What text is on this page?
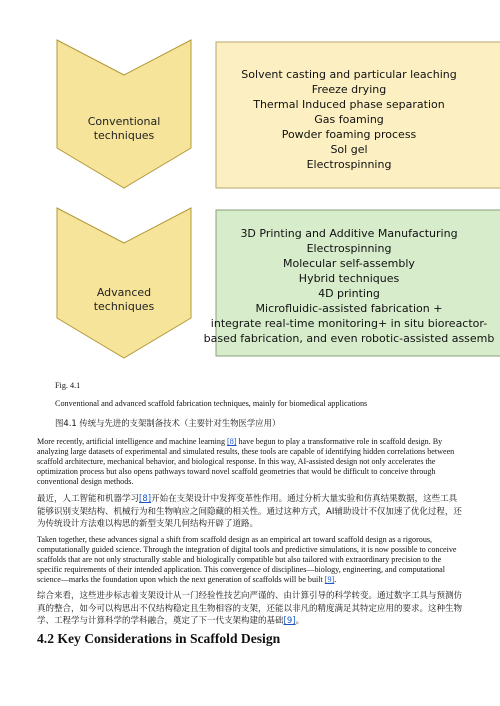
Conventional
techniques
Advanced
techniques
Solvent casting and particular leaching
Freeze drying
Thermal Induced phase separation
Gas foaming
Powder foaming process
Sol gel
Electrospinning
3D Printing and Additive Manufacturing
Electrospinning
Molecular self-assembly
Hybrid techniques
4D printing
Microfluidic-assisted fabrication +
integrate real-time monitoring+ in situ bioreactor-
based fabrication, and even robotic-assisted assemb
Fig. 4.1
Conventional and advanced scaffold fabrication techniques, mainly for biomedical applications
图4.1 传统与先进的支架制备技术（主要针对生物医学应用）

More recently, artificial intelligence and machine learning [8] have begun to play a transformative role in scaffold design. By analyzing large datasets of experimental and simulated results, these tools are capable of identifying hidden correlations between scaffold architecture, mechanical behavior, and biological response. In this way, AI-assisted design not only accelerates the optimization process but also opens pathways toward novel scaffold geometries that would be difficult to conceive through conventional design methods.

最近，人工智能和机器学习[8]开始在支架设计中发挥变革性作用。通过分析大量实验和仿真结果数据，这些工具能够识别支架结构、机械行为和生物响应之间隐藏的相关性。通过这种方式，AI辅助设计不仅加速了优化过程，还为传统设计方法难以构思的新型支架几何结构开辟了道路。

Taken together, these advances signal a shift from scaffold design as an empirical art toward scaffold design as a rigorous, computationally guided science. Through the integration of digital tools and predictive simulations, it is now possible to conceive scaffolds that are not only structurally stable and biologically compatible but also tailored with extraordinary precision to the specific requirements of their intended application. This convergence of disciplines—biology, engineering, and computational science—marks the foundation upon which the next generation of scaffolds will be built [9].

综合来看，这些进步标志着支架设计从一门经验性技艺向严谨的、由计算引导的科学转变。通过数字工具与预测仿真的整合，如今可以构思出不仅结构稳定且生物相容的支架，还能以非凡的精度满足其特定应用的要求。这种生物学、工程学与计算科学的学科融合，奠定了下一代支架构建的基础[9]。

4.2 Key Considerations in Scaffold Design
